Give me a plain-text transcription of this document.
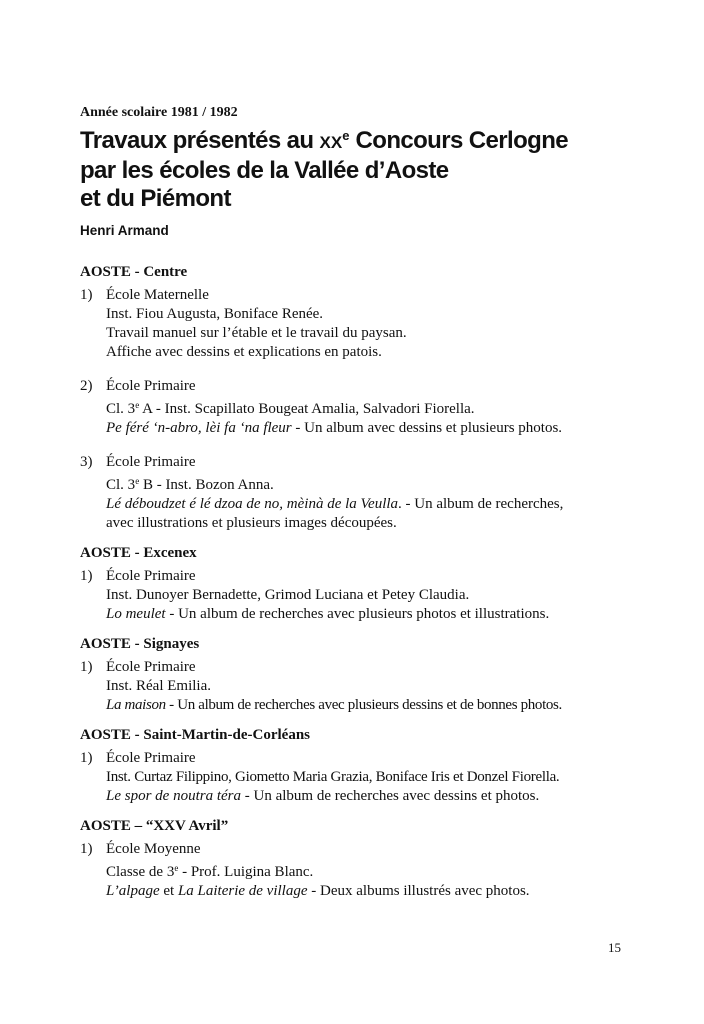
Année scolaire 1981 / 1982

Travaux présentés au XXe Concours Cerlogne
par les écoles de la Vallée d’Aoste
et du Piémont

Henri Armand

AOSTE - Centre

1) École Maternelle

Inst. Fiou Augusta, Boniface Renée.

Travail manuel sur l’étable et le travail du paysan.

Affiche avec dessins et explications en patois.

2) École Primaire

Cl. 3e A - Inst. Scapillato Bougeat Amalia, Salvadori Fiorella.

Pe féré ‘n-abro, lèi fa ‘na fleur - Un album avec dessins et plusieurs photos.

3) École Primaire

Cl. 3e B - Inst. Bozon Anna.

Lé déboudzet é lé dzoa de no, mèinà de la Veulla. - Un album de recherches,

avec illustrations et plusieurs images découpées.

AOSTE - Excenex

1) École Primaire

Inst. Dunoyer Bernadette, Grimod Luciana et Petey Claudia.

Lo meulet - Un album de recherches avec plusieurs photos et illustrations.

AOSTE - Signayes

1) École Primaire

Inst. Réal Emilia.

La maison - Un album de recherches avec plusieurs dessins et de bonnes photos.

AOSTE - Saint-Martin-de-Corléans

1) École Primaire

Inst. Curtaz Filippino, Giometto Maria Grazia, Boniface Iris et Donzel Fiorella.

Le spor de noutra téra - Un album de recherches avec dessins et photos.

AOSTE – “XXV Avril”

1) École Moyenne

Classe de 3e - Prof. Luigina Blanc.

L’alpage et La Laiterie de village - Deux albums illustrés avec photos.

15
